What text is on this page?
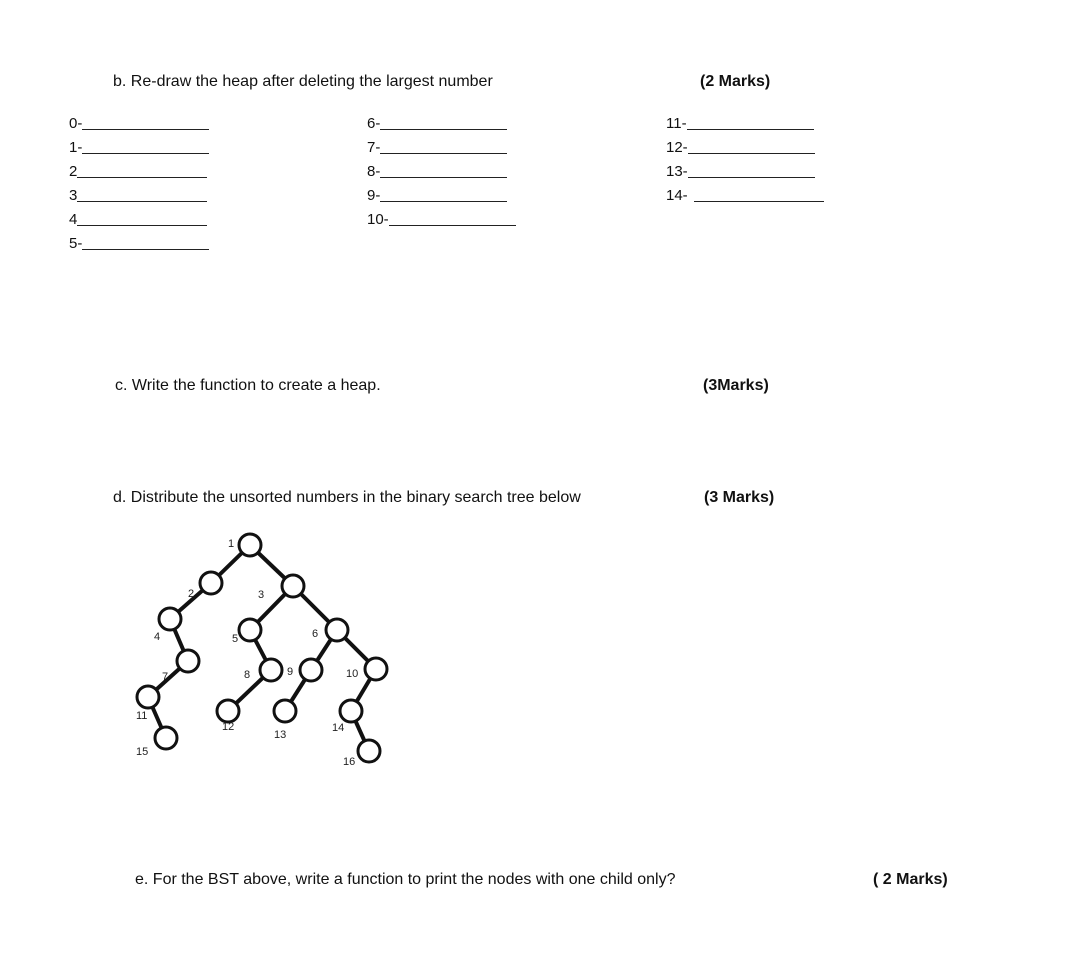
b. Re-draw the heap after deleting the largest number	(2 Marks)
0-
1-
2
3
4
5-
6-
7-
8-
9-
10-
11-
12-
13-
14-
c. Write the function to create a heap.	(3Marks)
d. Distribute the unsorted numbers in the binary search tree below	(3 Marks)
1
2	3
4	5	6
7	8	9	10
11
12
13
14
15
16
e. For the BST above, write a function to print the nodes with one child only?	( 2 Marks)
